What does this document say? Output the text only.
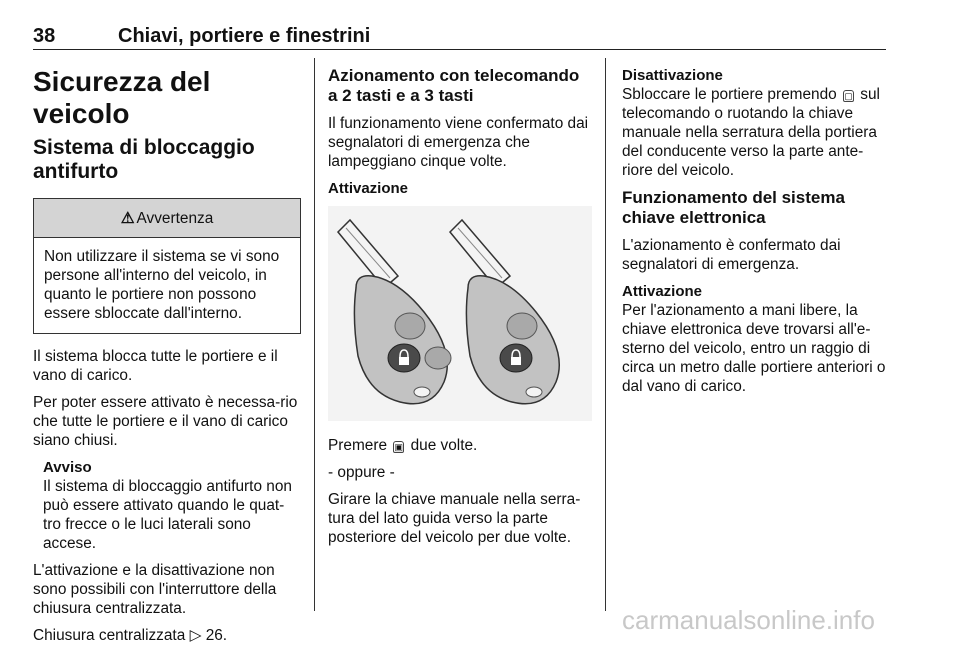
38	Chiavi, portiere e finestrini
Sicurezza del veicolo
Sistema di bloccaggio antifurto
⚠ Avvertenza
Non utilizzare il sistema se vi sono persone all'interno del veicolo, in quanto le portiere non possono essere sbloccate dall'interno.

Il sistema blocca tutte le portiere e il vano di carico.

Per poter essere attivato è necessa-rio che tutte le portiere e il vano di carico siano chiusi.

Avviso
Il sistema di bloccaggio antifurto non può essere attivato quando le quat-tro frecce o le luci laterali sono accese.

L'attivazione e la disattivazione non sono possibili con l'interruttore della chiusura centralizzata.

Chiusura centralizzata ▷ 26.

Azionamento con telecomando a 2 tasti e a 3 tasti

Il funzionamento viene confermato dai segnalatori di emergenza che lampeggiano cinque volte.

Attivazione

Premere ▣ due volte.

- oppure -

Girare la chiave manuale nella serra-tura del lato guida verso la parte posteriore del veicolo per due volte.

Disattivazione

Sbloccare le portiere premendo ▢ sul telecomando o ruotando la chiave manuale nella serratura della portiera del conducente verso la parte ante-riore del veicolo.

Funzionamento del sistema chiave elettronica

L'azionamento è confermato dai segnalatori di emergenza.

Attivazione

Per l'azionamento a mani libere, la chiave elettronica deve trovarsi all'e-sterno del veicolo, entro un raggio di circa un metro dalle portiere anteriori o dal vano di carico.

carmanualsonline.info
